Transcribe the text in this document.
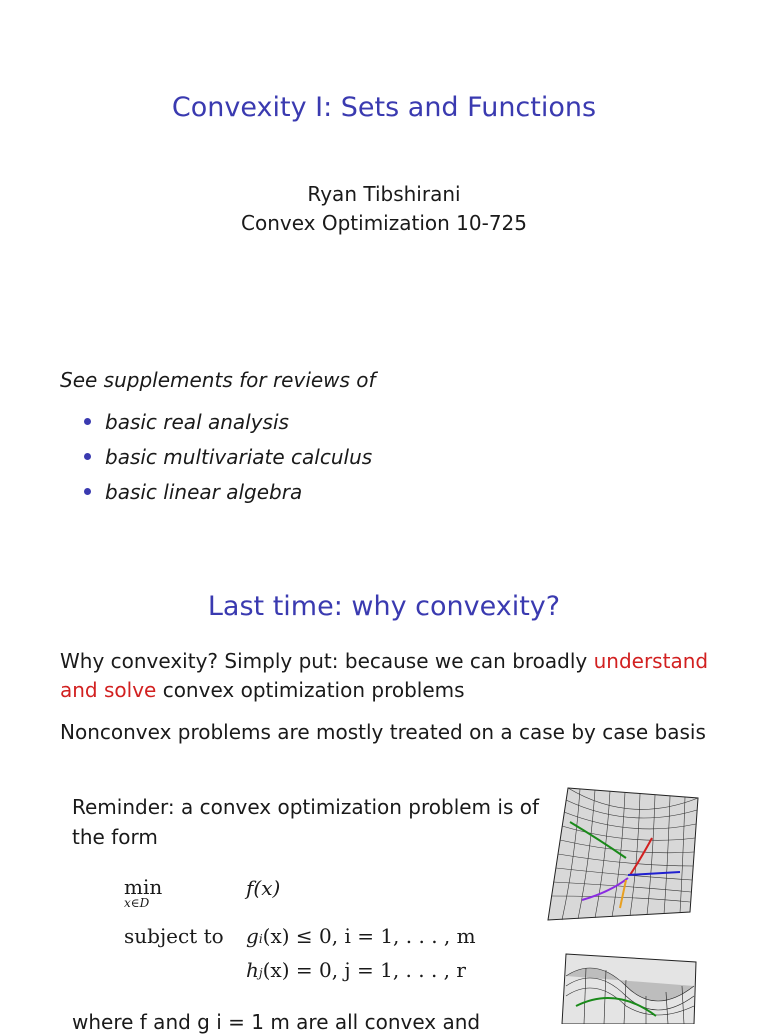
Convexity I: Sets and Functions
Ryan Tibshirani
Convex Optimization 10-725
See supplements for reviews of
basic real analysis
basic multivariate calculus
basic linear algebra
Last time: why convexity?
Why convexity? Simply put: because we can broadly understand and solve convex optimization problems
Nonconvex problems are mostly treated on a case by case basis
Reminder: a convex optimization problem is of the form
min
x∈D
f(x)
subject to gi(x) ≤ 0, i = 1, . . . , m
hj(x) = 0, j = 1, . . . , r
where f and g i = 1 m are all convex and
